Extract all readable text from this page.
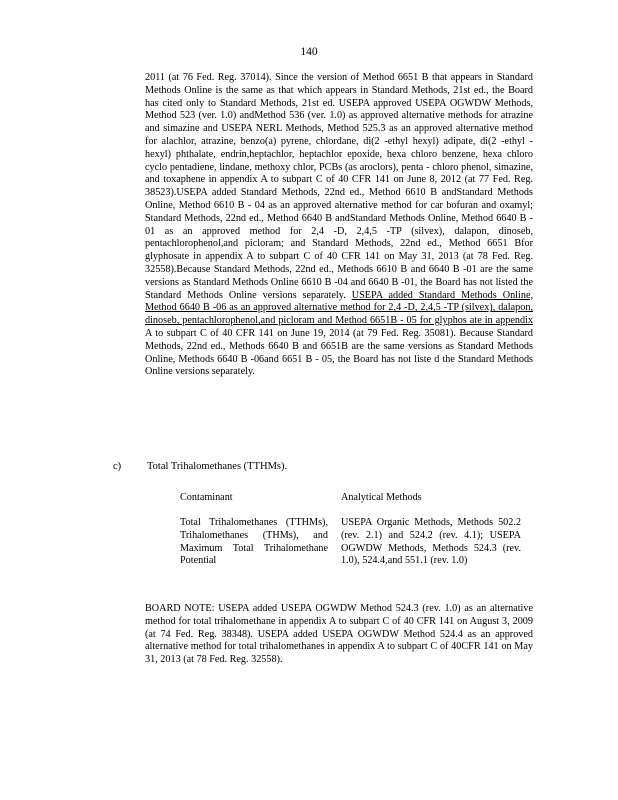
140
2011 (at 76 Fed. Reg. 37014). Since the version of Method 6651 B that appears in Standard Methods Online is the same as that which appears in Standard Methods, 21st ed., the Board has cited only to Standard Methods, 21st ed. USEPA approved USEPA OGWDW Methods, Method 523 (ver. 1.0) andMethod 536 (ver. 1.0) as approved alternative methods for atrazine and simazine and USEPA NERL Methods, Method 525.3 as an approved alternative method for alachlor, atrazine, benzo(a) pyrene, chlordane, di(2 -ethyl hexyl) adipate, di(2 -ethyl - hexyl) phthalate, endrin,heptachlor, heptachlor epoxide, hexa chloro benzene, hexa chloro cyclo pentadiene, lindane, methoxy chlor, PCBs (as aroclors), penta - chloro phenol, simazine, and toxaphene in appendix A to subpart C of 40 CFR 141 on June 8, 2012 (at 77 Fed. Reg. 38523).USEPA added Standard Methods, 22nd ed., Method 6610 B andStandard Methods Online, Method 6610 B - 04 as an approved alternative method for car bofuran and oxamyl; Standard Methods, 22nd ed., Method 6640 B andStandard Methods Online, Method 6640 B - 01 as an approved method for 2,4 -D, 2,4,5 -TP (silvex), dalapon, dinoseb, pentachlorophenol,and picloram; and Standard Methods, 22nd ed., Method 6651 Bfor glyphosate in appendix A to subpart C of 40 CFR 141 on May 31, 2013 (at 78 Fed. Reg. 32558).Because Standard Methods, 22nd ed., Methods 6610 B and 6640 B -01 are the same versions as Standard Methods Online 6610 B -04 and 6640 B -01, the Board has not listed the Standard Methods Online versions separately. USEPA added Standard Methods Online, Method 6640 B -06 as an approved alternative method for 2,4 -D, 2,4,5 -TP (silvex), dalapon, dinoseb, pentachlorophenol,and picloram and Method 6651B - 05 for glyphos ate in appendix A to subpart C of 40 CFR 141 on June 19, 2014 (at 79 Fed. Reg. 35081). Because Standard Methods, 22nd ed., Methods 6640 B and 6651B are the same versions as Standard Methods Online, Methods 6640 B -06and 6651 B - 05, the Board has not liste d the Standard Methods Online versions separately.
c) Total Trihalomethanes (TTHMs).
Contaminant	Analytical Methods
Total Trihalomethanes (TTHMs), Trihalomethanes (THMs), and Maximum Total Trihalomethane Potential
USEPA Organic Methods, Methods 502.2 (rev. 2.1) and 524.2 (rev. 4.1); USEPA OGWDW Methods, Methods 524.3 (rev. 1.0), 524.4,and 551.1 (rev. 1.0)
BOARD NOTE: USEPA added USEPA OGWDW Method 524.3 (rev. 1.0) as an alternative method for total trihalomethane in appendix A to subpart C of 40 CFR 141 on August 3, 2009 (at 74 Fed. Reg. 38348). USEPA added USEPA OGWDW Method 524.4 as an approved alternative method for total trihalomethanes in appendix A to subpart C of 40CFR 141 on May 31, 2013 (at 78 Fed. Reg. 32558).
